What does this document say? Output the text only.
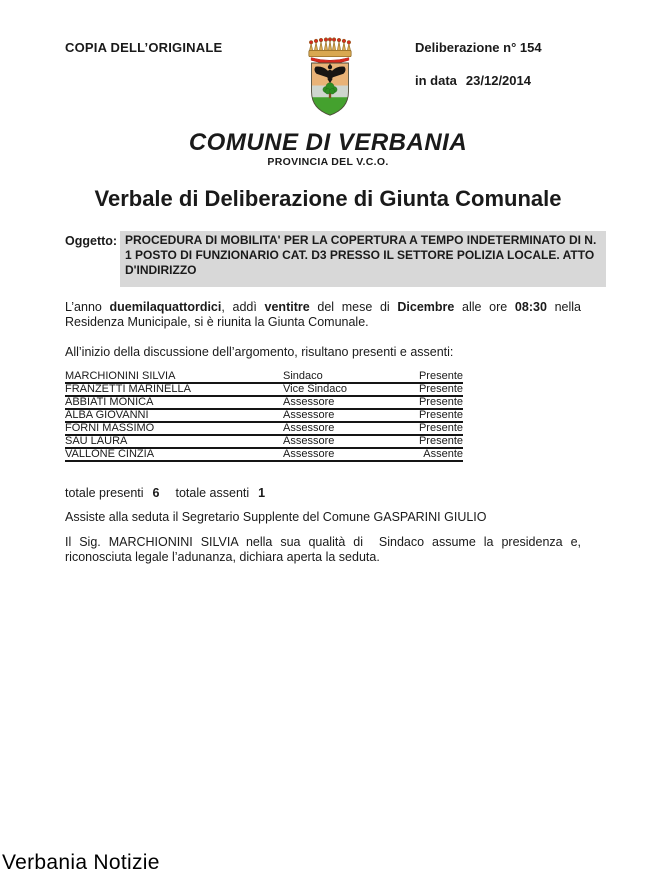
COPIA DELL’ORIGINALE	Deliberazione n° 154
in data 23/12/2014
COMUNE DI VERBANIA
PROVINCIA DEL V.C.O.
Verbale di Deliberazione di Giunta Comunale
Oggetto: PROCEDURA DI MOBILITA' PER LA COPERTURA A TEMPO INDETERMINATO DI N. 1 POSTO DI FUNZIONARIO CAT. D3 PRESSO IL SETTORE POLIZIA LOCALE. ATTO D'INDIRIZZO
L’anno duemilaquattordici, addì ventitre del mese di Dicembre alle ore 08:30 nella Residenza Municipale, si è riunita la Giunta Comunale.
All’inizio della discussione dell’argomento, risultano presenti e assenti:
MARCHIONINI SILVIA	Sindaco	Presente
FRANZETTI MARINELLA	Vice Sindaco	Presente
ABBIATI MONICA	Assessore	Presente
ALBA GIOVANNI	Assessore	Presente
FORNI MASSIMO	Assessore	Presente
SAU LAURA	Assessore	Presente
VALLONE CINZIA	Assessore	Assente
totale presenti 6 totale assenti 1
Assiste alla seduta il Segretario Supplente del Comune GASPARINI GIULIO
Il Sig. MARCHIONINI SILVIA nella sua qualità di  Sindaco assume la presidenza e, riconosciuta legale l’adunanza, dichiara aperta la seduta.
Verbania Notizie
